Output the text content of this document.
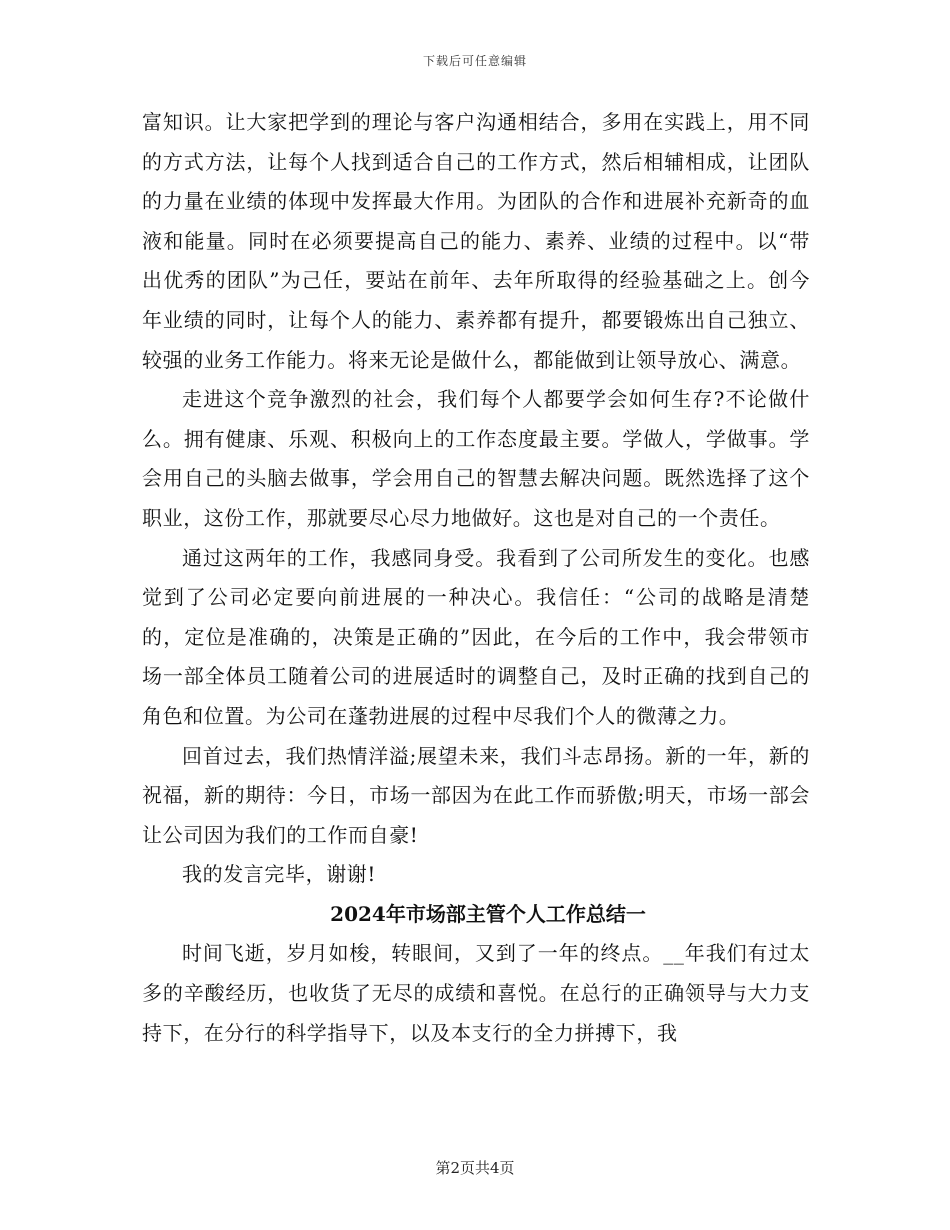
下载后可任意编辑

富知识。让大家把学到的理论与客户沟通相结合，多用在实践上，用不同的方式方法，让每个人找到适合自己的工作方式，然后相辅相成，让团队的力量在业绩的体现中发挥最大作用。为团队的合作和进展补充新奇的血液和能量。同时在必须要提高自己的能力、素养、业绩的过程中。以“带出优秀的团队”为己任，要站在前年、去年所取得的经验基础之上。创今年业绩的同时，让每个人的能力、素养都有提升，都要锻炼出自己独立、较强的业务工作能力。将来无论是做什么，都能做到让领导放心、满意。

走进这个竞争激烈的社会，我们每个人都要学会如何生存?不论做什么。拥有健康、乐观、积极向上的工作态度最主要。学做人，学做事。学会用自己的头脑去做事，学会用自己的智慧去解决问题。既然选择了这个职业，这份工作，那就要尽心尽力地做好。这也是对自己的一个责任。

通过这两年的工作，我感同身受。我看到了公司所发生的变化。也感觉到了公司必定要向前进展的一种决心。我信任：“公司的战略是清楚的，定位是准确的，决策是正确的”因此，在今后的工作中，我会带领市场一部全体员工随着公司的进展适时的调整自己，及时正确的找到自己的角色和位置。为公司在蓬勃进展的过程中尽我们个人的微薄之力。

回首过去，我们热情洋溢;展望未来，我们斗志昂扬。新的一年，新的祝福，新的期待：今日，市场一部因为在此工作而骄傲;明天，市场一部会让公司因为我们的工作而自豪!

我的发言完毕，谢谢!

2024年市场部主管个人工作总结一

时间飞逝，岁月如梭，转眼间，又到了一年的终点。__年我们有过太多的辛酸经历，也收货了无尽的成绩和喜悦。在总行的正确领导与大力支持下，在分行的科学指导下，以及本支行的全力拼搏下，我

第2页共4页
